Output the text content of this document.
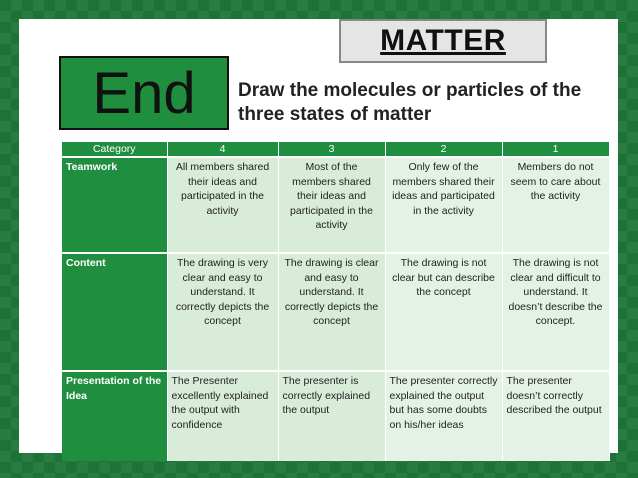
MATTER
End Draw the molecules or particles of the three states of matter
Category	4	3	2	1
Teamwork	All members shared their ideas and participated in the activity	Most of the members shared their ideas and participated in the activity	Only few of the members shared their ideas and participated in the activity	Members do not seem to care about the activity
Content	The drawing is very clear and easy to understand. It correctly depicts the concept	The drawing is clear and easy to understand. It correctly depicts the concept	The drawing is not clear but can describe the concept	The drawing is not clear and difficult to understand. It doesn’t describe the concept.
Presentation of the Idea	The Presenter excellently explained the output with confidence	The presenter is correctly explained the output	The presenter correctly explained the output but has some doubts on his/her ideas	The presenter doesn’t correctly described the output
